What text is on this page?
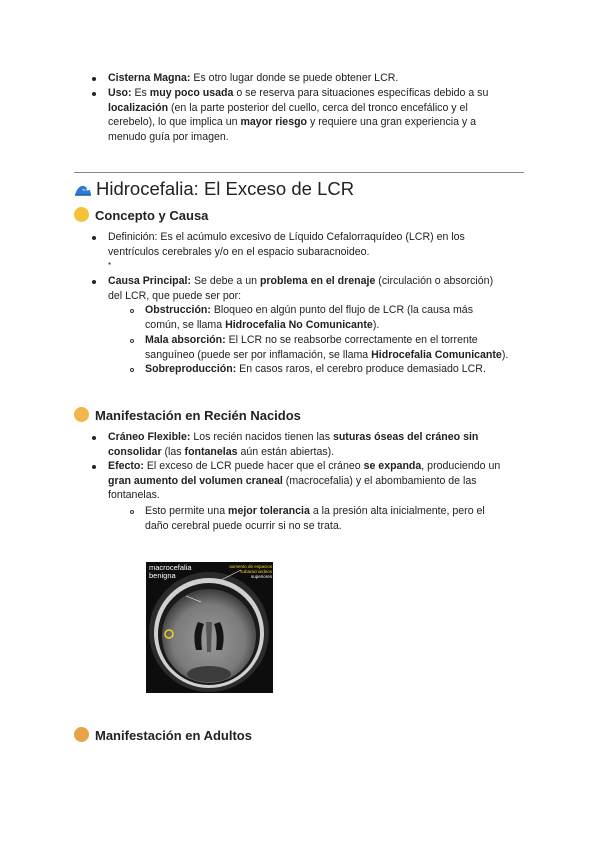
Cisterna Magna: Es otro lugar donde se puede obtener LCR.
Uso: Es muy poco usada o se reserva para situaciones específicas debido a su
localización (en la parte posterior del cuello, cerca del tronco encefálico y el
cerebelo), lo que implica un mayor riesgo y requiere una gran experiencia y a
menudo guía por imagen.
Hidrocefalia: El Exceso de LCR
Concepto y Causa
Definición: Es el acúmulo excesivo de Líquido Cefalorraquídeo (LCR) en los
ventrículos cerebrales y/o en el espacio subaracnoideo.
*
Causa Principal: Se debe a un problema en el drenaje (circulación o absorción)
del LCR, que puede ser por:
Obstrucción: Bloqueo en algún punto del flujo de LCR (la causa más
común, se llama Hidrocefalia No Comunicante).
Mala absorción: El LCR no se reabsorbe correctamente en el torrente
sanguíneo (puede ser por inflamación, se llama Hidrocefalia Comunicante).
Sobreproducción: En casos raros, el cerebro produce demasiado LCR.
Manifestación en Recién Nacidos
Cráneo Flexible: Los recién nacidos tienen las suturas óseas del cráneo sin
consolidar (las fontanelas aún están abiertas).
Efecto: El exceso de LCR puede hacer que el cráneo se expanda, produciendo un
gran aumento del volumen craneal (macrocefalia) y el abombamiento de las
fontanelas.
Esto permite una mejor tolerancia a la presión alta inicialmente, pero el
daño cerebral puede ocurrir si no se trata.
macrocefalia
benigna
aumento de espacios
subaracnoideos
superiores
Manifestación en Adultos
